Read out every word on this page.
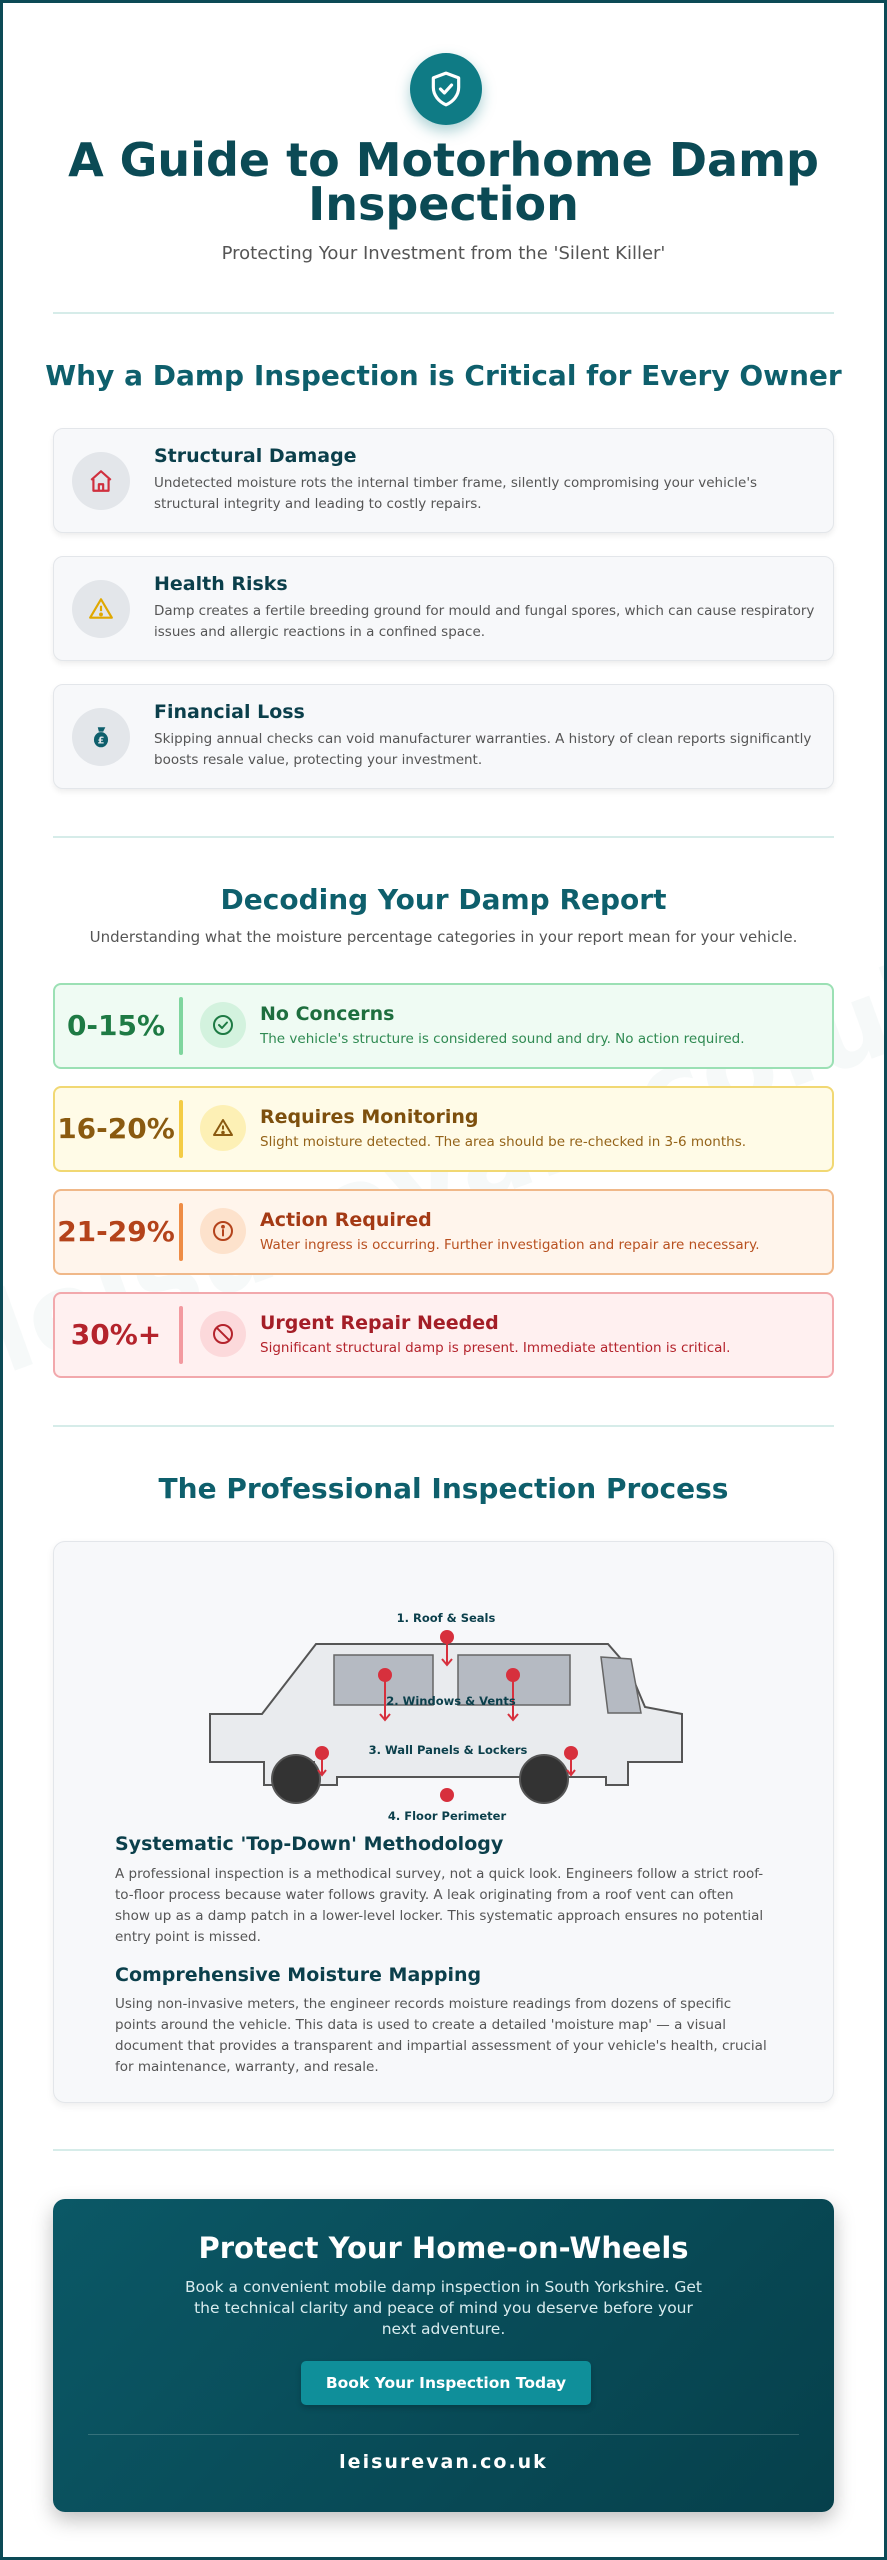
A Guide to Motorhome Damp Inspection
Protecting Your Investment from the 'Silent Killer'
Why a Damp Inspection is Critical for Every Owner
Structural Damage
Undetected moisture rots the internal timber frame, silently compromising your vehicle's structural integrity and leading to costly repairs.
Health Risks
Damp creates a fertile breeding ground for mould and fungal spores, which can cause respiratory issues and allergic reactions in a confined space.
£
Financial Loss
Skipping annual checks can void manufacturer warranties. A history of clean reports significantly boosts resale value, protecting your investment.
Decoding Your Damp Report
Understanding what the moisture percentage categories in your report mean for your vehicle.
0-15%	No Concerns
The vehicle's structure is considered sound and dry. No action required.
16-20%	Requires Monitoring
Slight moisture detected. The area should be re-checked in 3-6 months.
21-29%	Action Required
Water ingress is occurring. Further investigation and repair are necessary.
30%+	Urgent Repair Needed
Significant structural damp is present. Immediate attention is critical.
The Professional Inspection Process
1. Roof & Seals
2. Windows & Vents
3. Wall Panels & Lockers
4. Floor Perimeter
Systematic 'Top-Down' Methodology
A professional inspection is a methodical survey, not a quick look. Engineers follow a strict roof-to-floor process because water follows gravity. A leak originating from a roof vent can often show up as a damp patch in a lower-level locker. This systematic approach ensures no potential entry point is missed.
Comprehensive Moisture Mapping
Using non-invasive meters, the engineer records moisture readings from dozens of specific points around the vehicle. This data is used to create a detailed 'moisture map' — a visual document that provides a transparent and impartial assessment of your vehicle's health, crucial for maintenance, warranty, and resale.
Protect Your Home-on-Wheels
Book a convenient mobile damp inspection in South Yorkshire. Get the technical clarity and peace of mind you deserve before your next adventure.
Book Your Inspection Today
leisurevan.co.uk
